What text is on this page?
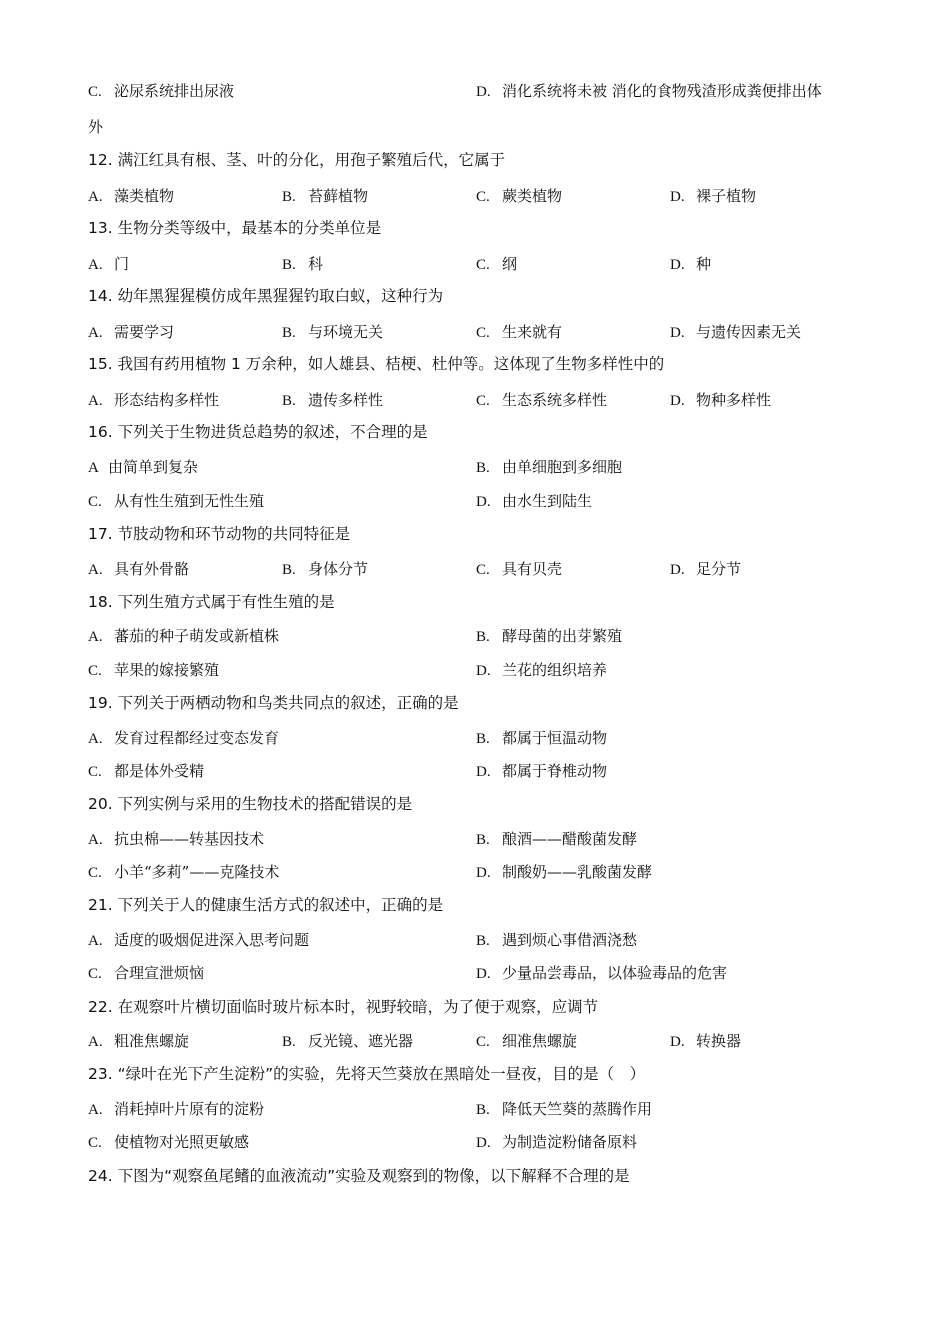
C. 泌尿系统排出尿液	D. 消化系统将未被 消化的食物残渣形成粪便排出体
外
12. 满江红具有根、茎、叶的分化，用孢子繁殖后代，它属于
A. 藻类植物	B. 苔藓植物	C. 蕨类植物	D. 裸子植物
13. 生物分类等级中，最基本的分类单位是
A. 门	B. 科	C. 纲	D. 种
14. 幼年黑猩猩模仿成年黑猩猩钓取白蚁，这种行为
A. 需要学习	B. 与环境无关	C. 生来就有	D. 与遗传因素无关
15. 我国有药用植物 1 万余种，如人雄县、桔梗、杜仲等。这体现了生物多样性中的
A. 形态结构多样性	B. 遗传多样性	C. 生态系统多样性	D. 物种多样性
16. 下列关于生物进货总趋势的叙述，不合理的是
A 由简单到复杂	B. 由单细胞到多细胞
C. 从有性生殖到无性生殖	D. 由水生到陆生
17. 节肢动物和环节动物的共同特征是
A. 具有外骨骼	B. 身体分节	C. 具有贝壳	D. 足分节
18. 下列生殖方式属于有性生殖的是
A. 蕃茄的种子萌发或新植株	B. 酵母菌的出芽繁殖
C. 苹果的嫁接繁殖	D. 兰花的组织培养
19. 下列关于两栖动物和鸟类共同点的叙述，正确的是
A. 发育过程都经过变态发育	B. 都属于恒温动物
C. 都是体外受精	D. 都属于脊椎动物
20. 下列实例与采用的生物技术的搭配错误的是
A. 抗虫棉——转基因技术	B. 酿酒——醋酸菌发酵
C. 小羊“多莉”——克隆技术	D. 制酸奶——乳酸菌发酵
21. 下列关于人的健康生活方式的叙述中，正确的是
A. 适度的吸烟促进深入思考问题	B. 遇到烦心事借酒浇愁
C. 合理宣泄烦恼	D. 少量品尝毒品，以体验毒品的危害
22. 在观察叶片横切面临时玻片标本时，视野较暗，为了便于观察，应调节
A. 粗准焦螺旋	B. 反光镜、遮光器	C. 细准焦螺旋	D. 转换器
23. “绿叶在光下产生淀粉”的实验，先将天竺葵放在黑暗处一昼夜，目的是（　）
A. 消耗掉叶片原有的淀粉	B. 降低天竺葵的蒸腾作用
C. 使植物对光照更敏感	D. 为制造淀粉储备原料
24. 下图为“观察鱼尾鳍的血液流动”实验及观察到的物像，以下解释不合理的是
